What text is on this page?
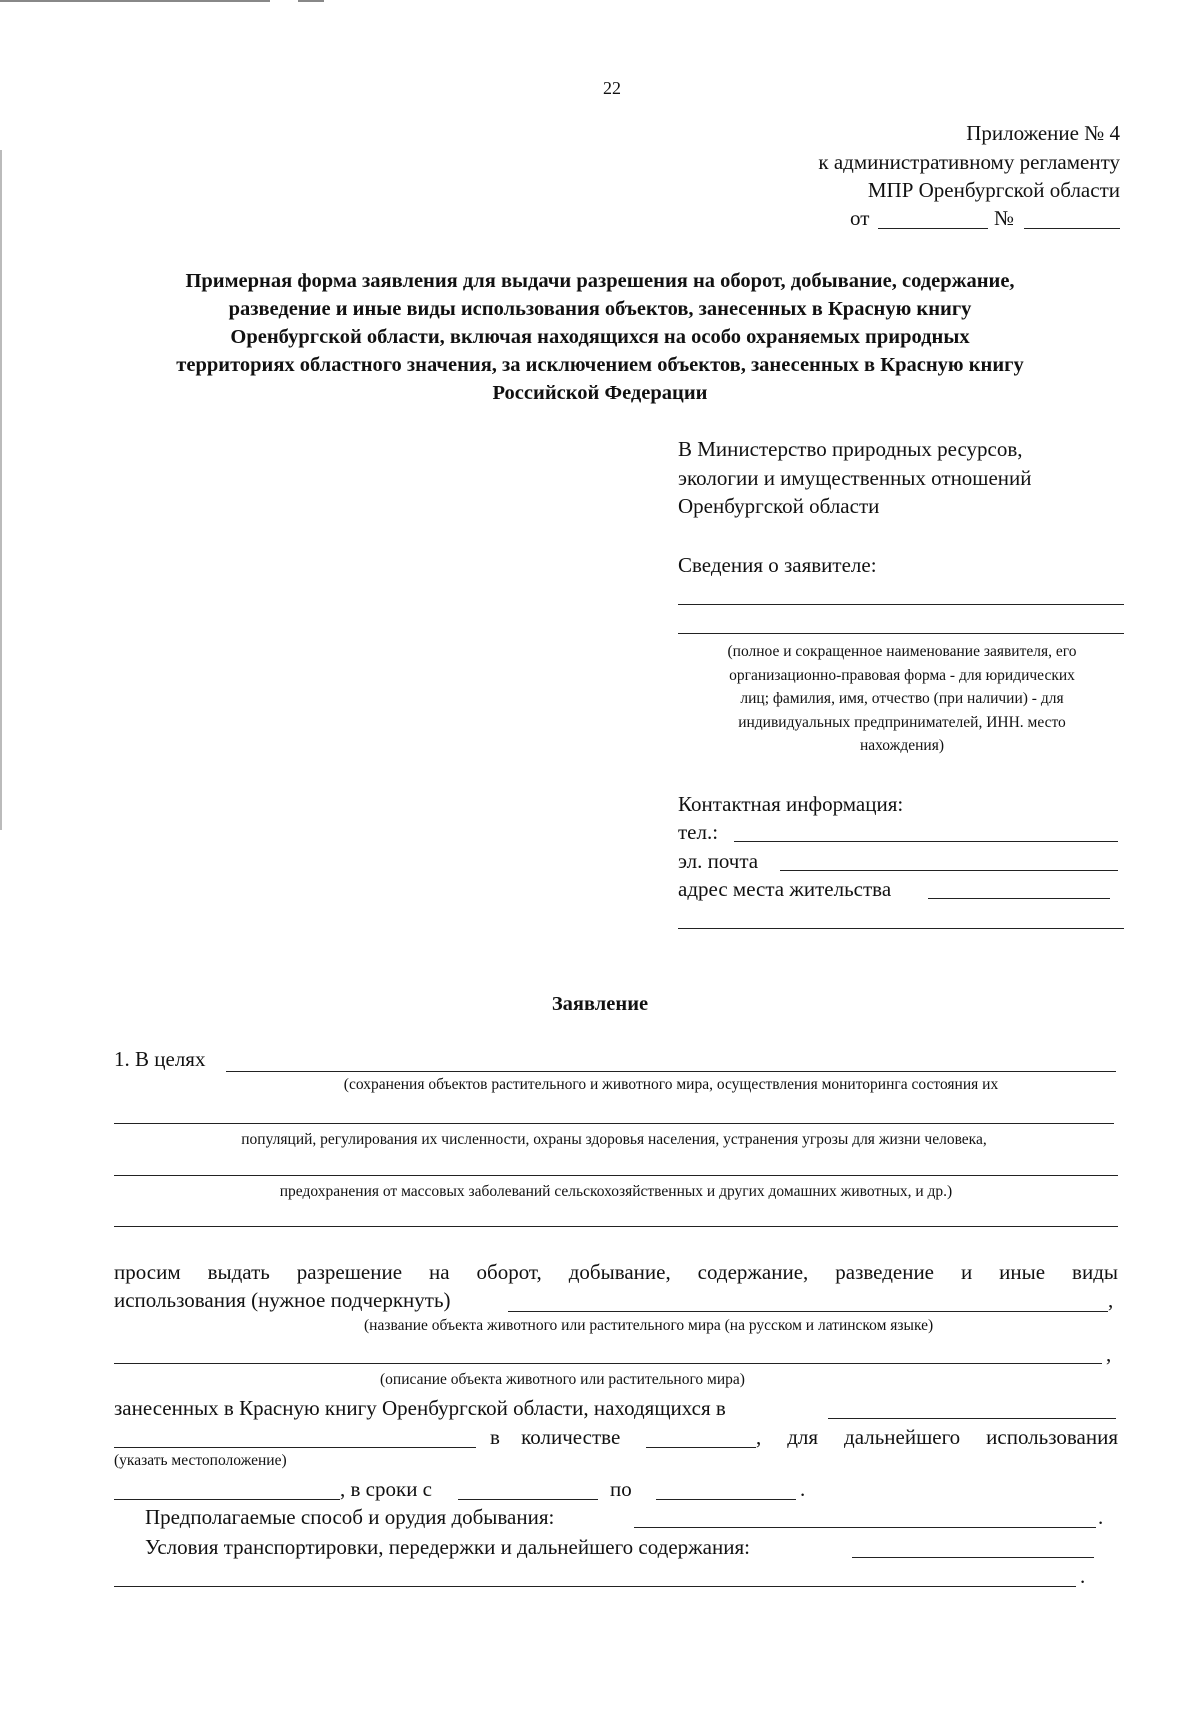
22
Приложение № 4
к административному регламенту
МПР Оренбургской области
от	№
Примерная форма заявления для выдачи разрешения на оборот, добывание, содержание,
разведение и иные виды использования объектов, занесенных в Красную книгу
Оренбургской области, включая находящихся на особо охраняемых природных
территориях областного значения, за исключением объектов, занесенных в Красную книгу
Российской Федерации
В Министерство природных ресурсов,
экологии и имущественных отношений
Оренбургской области
Сведения о заявителе:
(полное и сокращенное наименование заявителя, его
организационно-правовая форма - для юридических
лиц; фамилия, имя, отчество (при наличии) - для
индивидуальных предпринимателей, ИНН. место
нахождения)
Контактная информация:
тел.:
эл. почта
адрес места жительства
Заявление
1. В целях
(сохранения объектов растительного и животного мира, осуществления мониторинга состояния их
популяций, регулирования их численности, охраны здоровья населения, устранения угрозы для жизни человека,
предохранения от массовых заболеваний сельскохозяйственных и других домашних животных, и др.)
просим выдать разрешение на оборот, добывание, содержание, разведение и иные виды
использования (нужное подчеркнуть)	,
(название объекта животного или растительного мира (на русском и латинском языке)
,
(описание объекта животного или растительного мира)
занесенных в Красную книгу Оренбургской области, находящихся в
в количестве	, для дальнейшего использования
(указать местоположение)
, в сроки с	по	.
Предполагаемые способ и орудия добывания:	.
Условия транспортировки, передержки и дальнейшего содержания:
.
